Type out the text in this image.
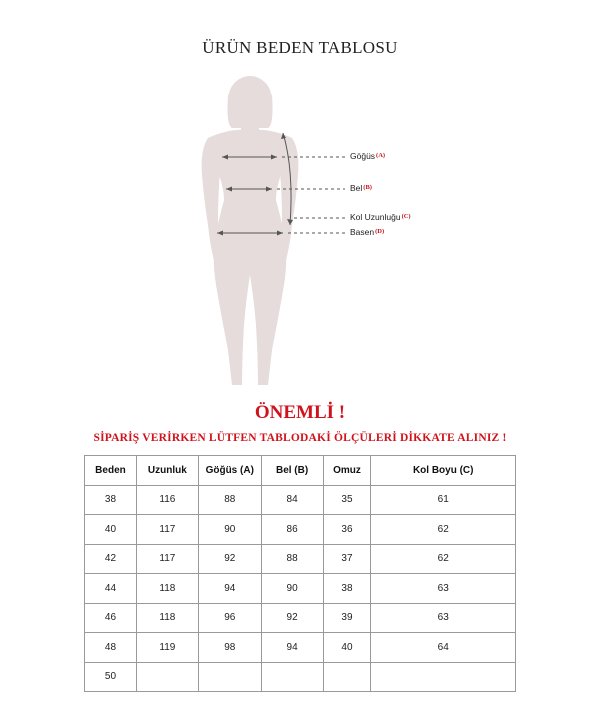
ÜRÜN BEDEN TABLOSU
Göğüs$^{(A)}$
Bel$^{(B)}$
Kol Uzunluğu$^{(C)}$
Basen$^{(D)}$
ÖNEMLİ !
SİPARİŞ VERİRKEN LÜTFEN TABLODAKİ ÖLÇÜLERİ DİKKATE ALINIZ !
Beden	Uzunluk	Göğüs (A)	Bel (B)	Omuz	Kol Boyu (C)
38	116	88	84	35	61
40	117	90	86	36	62
42	117	92	88	37	62
44	118	94	90	38	63
46	118	96	92	39	63
48	119	98	94	40	64
50					
